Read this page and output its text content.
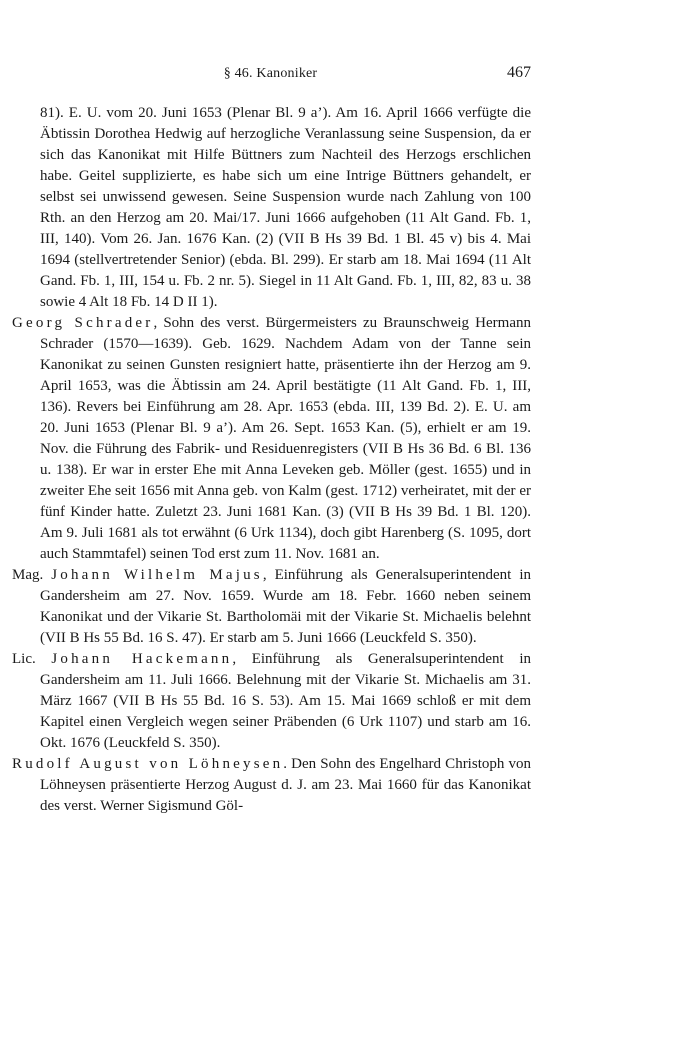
§ 46. Kanoniker	467

81). E. U. vom 20. Juni 1653 (Plenar Bl. 9 a’). Am 16. April 1666 verfügte die Äbtissin Dorothea Hedwig auf herzogliche Veranlassung seine Suspension, da er sich das Kanonikat mit Hilfe Büttners zum Nachteil des Herzogs erschlichen habe. Geitel supplizierte, es habe sich um eine Intrige Büttners gehandelt, er selbst sei unwissend gewesen. Seine Suspension wurde nach Zahlung von 100 Rth. an den Herzog am 20. Mai/17. Juni 1666 aufgehoben (11 Alt Gand. Fb. 1, III, 140). Vom 26. Jan. 1676 Kan. (2) (VII B Hs 39 Bd. 1 Bl. 45 v) bis 4. Mai 1694 (stellvertretender Senior) (ebda. Bl. 299). Er starb am 18. Mai 1694 (11 Alt Gand. Fb. 1, III, 154 u. Fb. 2 nr. 5). Siegel in 11 Alt Gand. Fb. 1, III, 82, 83 u. 38 sowie 4 Alt 18 Fb. 14 D II 1).

Georg Schrader, Sohn des verst. Bürgermeisters zu Braunschweig Hermann Schrader (1570—1639). Geb. 1629. Nachdem Adam von der Tanne sein Kanonikat zu seinen Gunsten resigniert hatte, präsentierte ihn der Herzog am 9. April 1653, was die Äbtissin am 24. April bestätigte (11 Alt Gand. Fb. 1, III, 136). Revers bei Einführung am 28. Apr. 1653 (ebda. III, 139 Bd. 2). E. U. am 20. Juni 1653 (Plenar Bl. 9 a’). Am 26. Sept. 1653 Kan. (5), erhielt er am 19. Nov. die Führung des Fabrik- und Residuenregisters (VII B Hs 36 Bd. 6 Bl. 136 u. 138). Er war in erster Ehe mit Anna Leveken geb. Möller (gest. 1655) und in zweiter Ehe seit 1656 mit Anna geb. von Kalm (gest. 1712) verheiratet, mit der er fünf Kinder hatte. Zuletzt 23. Juni 1681 Kan. (3) (VII B Hs 39 Bd. 1 Bl. 120). Am 9. Juli 1681 als tot erwähnt (6 Urk 1134), doch gibt Harenberg (S. 1095, dort auch Stammtafel) seinen Tod erst zum 11. Nov. 1681 an.

Mag. Johann Wilhelm Majus, Einführung als Generalsuperintendent in Gandersheim am 27. Nov. 1659. Wurde am 18. Febr. 1660 neben seinem Kanonikat und der Vikarie St. Bartholomäi mit der Vikarie St. Michaelis belehnt (VII B Hs 55 Bd. 16 S. 47). Er starb am 5. Juni 1666 (Leuckfeld S. 350).

Lic. Johann Hackemann, Einführung als Generalsuperintendent in Gandersheim am 11. Juli 1666. Belehnung mit der Vikarie St. Michaelis am 31. März 1667 (VII B Hs 55 Bd. 16 S. 53). Am 15. Mai 1669 schloß er mit dem Kapitel einen Vergleich wegen seiner Präbenden (6 Urk 1107) und starb am 16. Okt. 1676 (Leuckfeld S. 350).

Rudolf August von Löhneysen. Den Sohn des Engelhard Christoph von Löhneysen präsentierte Herzog August d. J. am 23. Mai 1660 für das Kanonikat des verst. Werner Sigismund Göl-
